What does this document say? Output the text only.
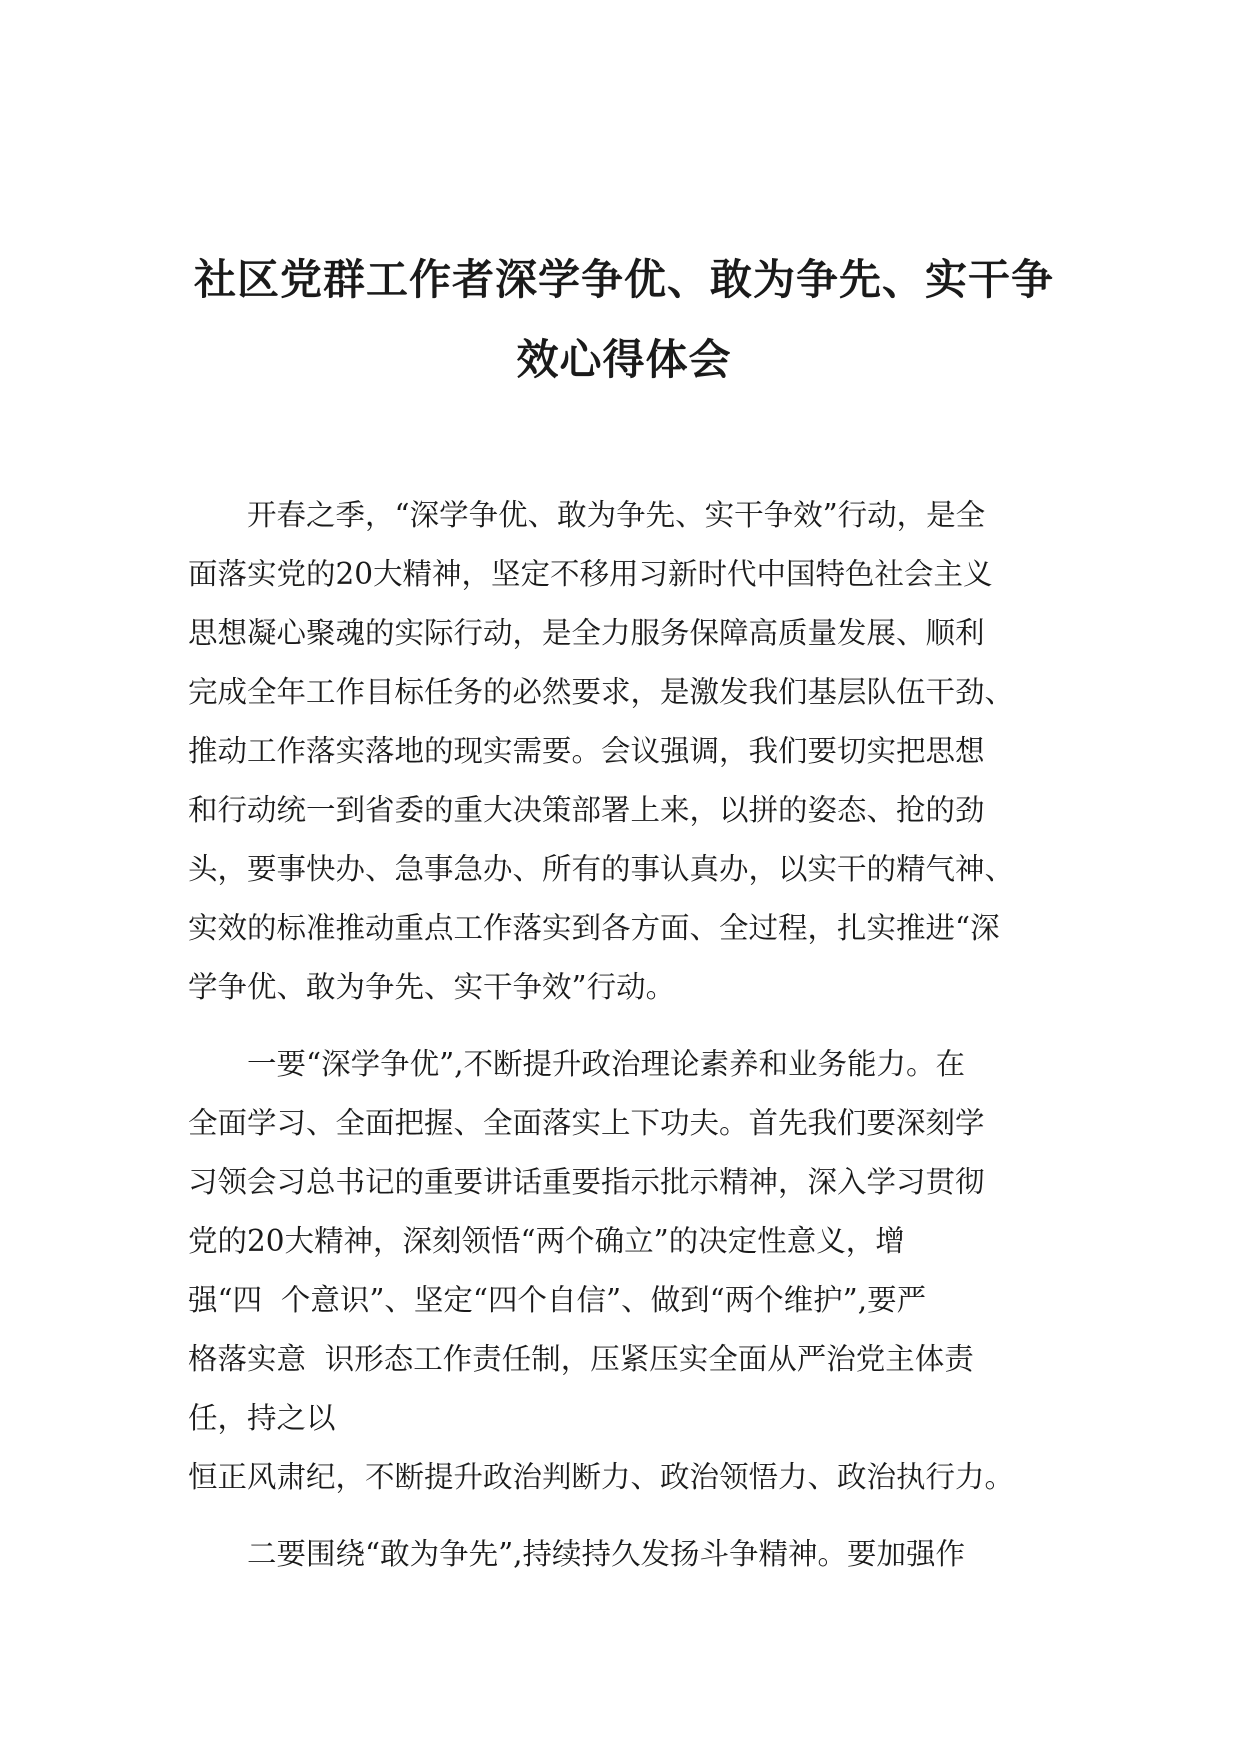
社区党群工作者深学争优、敢为争先、实干争
效心得体会

开春之季，“深学争优、敢为争先、实干争效”行动，是全
面落实党的20大精神，坚定不移用习新时代中国特色社会主义
思想凝心聚魂的实际行动，是全力服务保障高质量发展、顺利
完成全年工作目标任务的必然要求，是激发我们基层队伍干劲、
推动工作落实落地的现实需要。会议强调，我们要切实把思想
和行动统一到省委的重大决策部署上来，以拼的姿态、抢的劲
头，要事快办、急事急办、所有的事认真办，以实干的精气神、
实效的标准推动重点工作落实到各方面、全过程，扎实推进“深
学争优、敢为争先、实干争效”行动。

一要“深学争优”,不断提升政治理论素养和业务能力。在
全面学习、全面把握、全面落实上下功夫。首先我们要深刻学
习领会习总书记的重要讲话重要指示批示精神，深入学习贯彻
党的20大精神，深刻领悟“两个确立”的决定性意义，增
强“四  个意识”、坚定“四个自信”、做到“两个维护”,要严
格落实意  识形态工作责任制，压紧压实全面从严治党主体责
任，持之以
恒正风肃纪，不断提升政治判断力、政治领悟力、政治执行力。

二要围绕“敢为争先”,持续持久发扬斗争精神。要加强作
